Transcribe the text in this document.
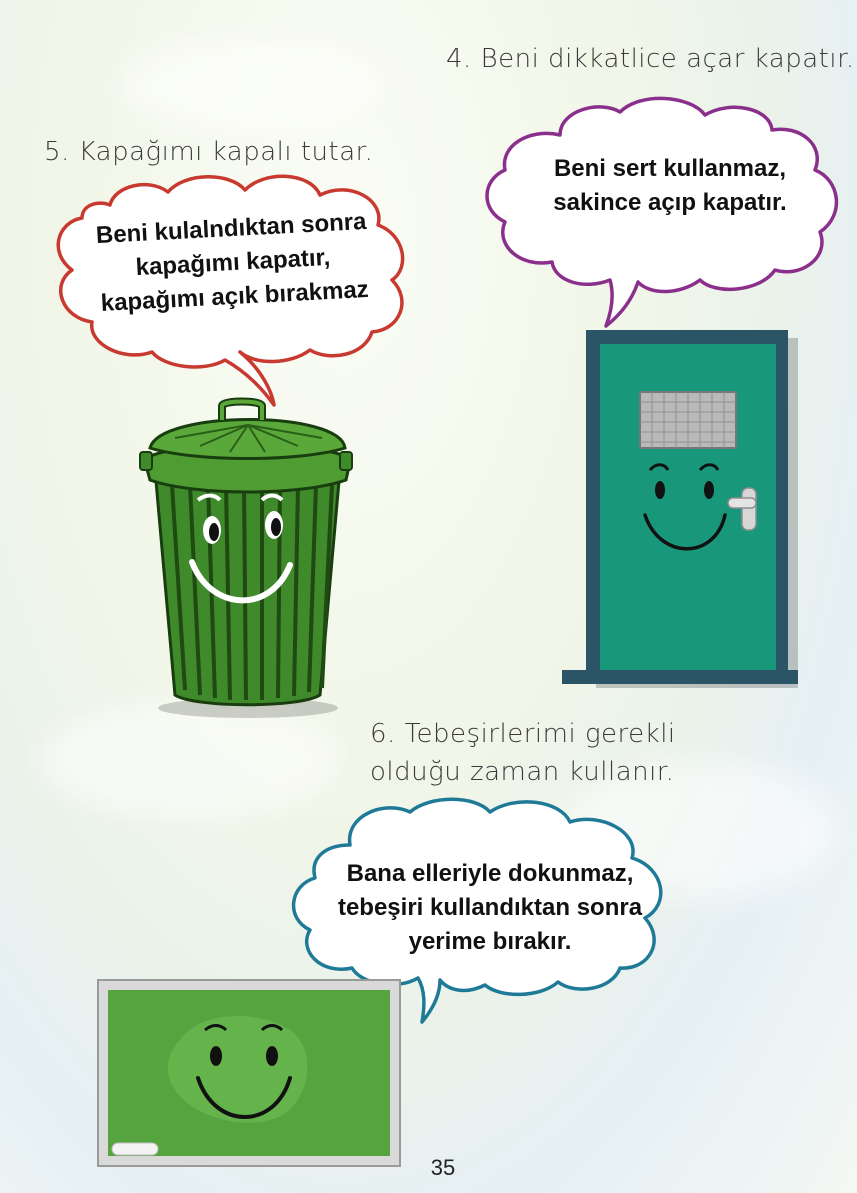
4. Beni dikkatlice açar kapatır.
5. Kapağımı kapalı tutar.
Beni sert kullanmaz,
sakince açıp kapatır.
Beni kulalndıktan sonra
kapağımı kapatır,
kapağımı açık bırakmaz
6. Tebeşirlerimi gerekli
olduğu zaman kullanır.
Bana elleriyle dokunmaz,
tebeşiri kullandıktan sonra
yerime bırakır.
35
